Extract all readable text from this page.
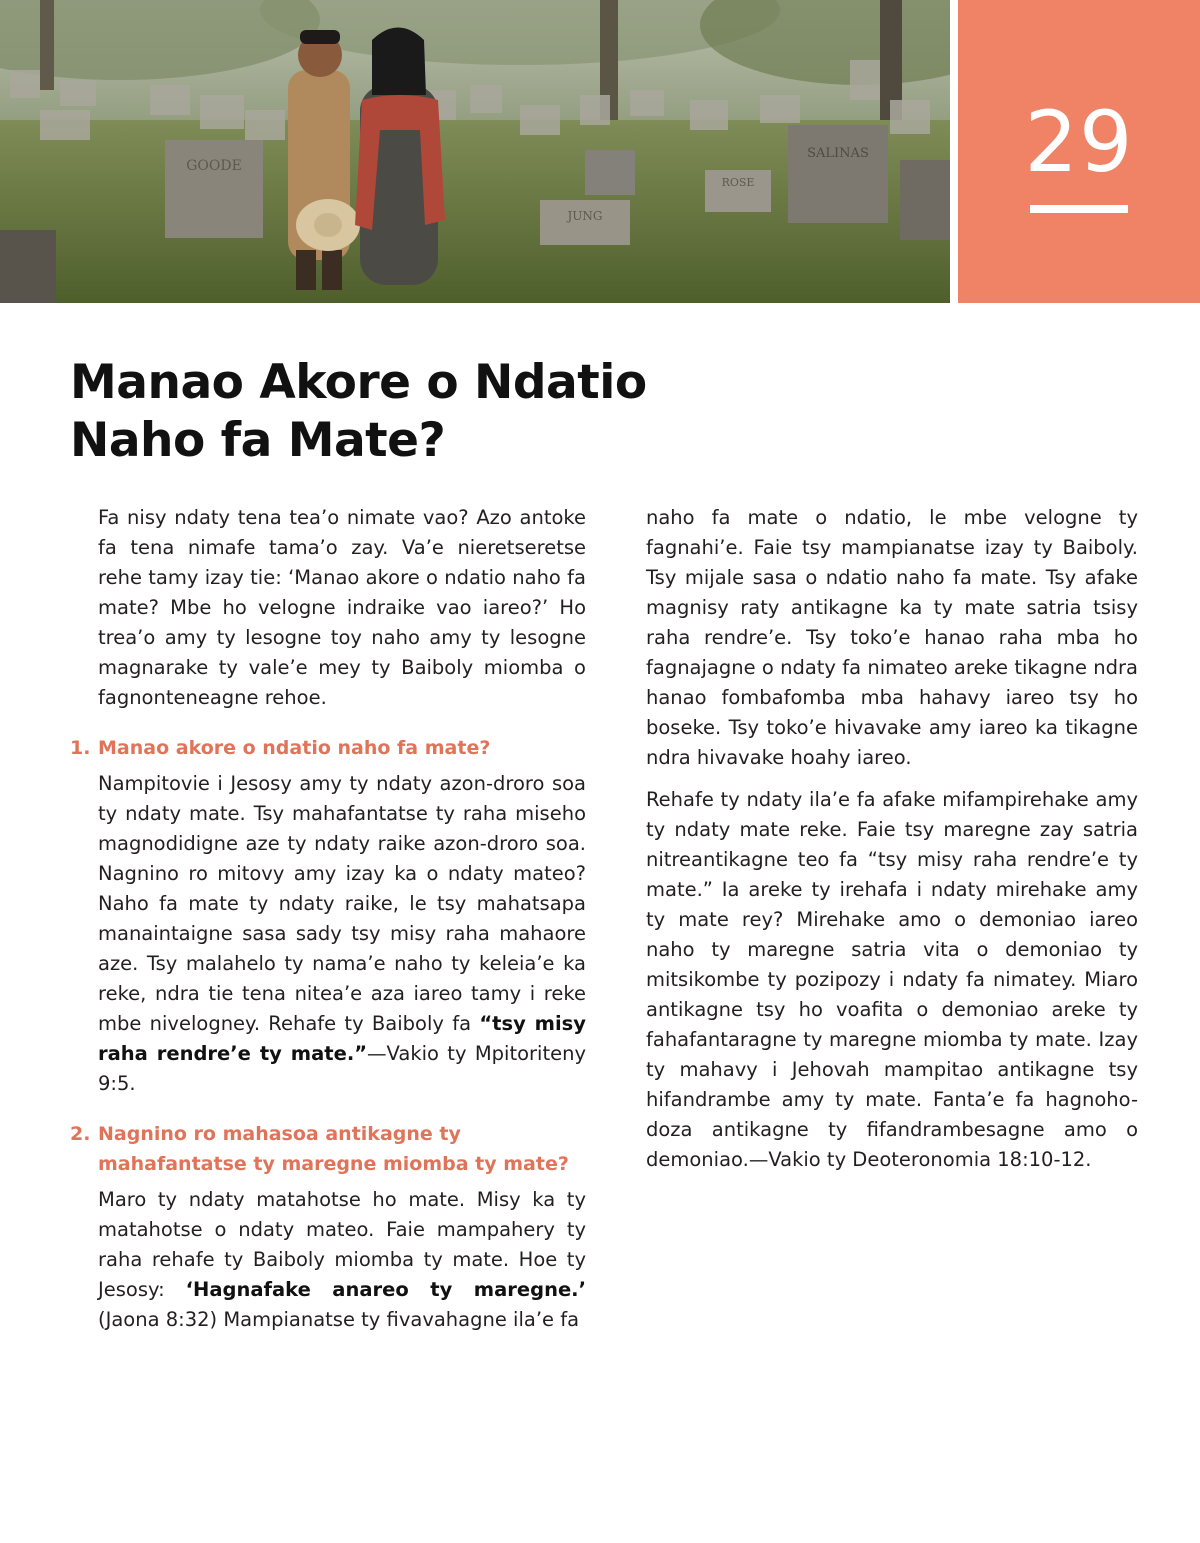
GOODE
SALINAS
JUNG
ROSE	29
Manao Akore o Ndatio Naho fa Mate?

Fa nisy ndaty tena tea’o nimate vao? Azo antoke fa tena nimafe tama’o zay. Va’e nieretseretse rehe tamy izay tie: ‘Manao akore o ndatio naho fa mate? Mbe ho velogne indraike vao iareo?’ Ho trea’o amy ty lesogne toy naho amy ty lesogne magnarake ty vale’e mey ty Baiboly miomba o fagnonteneagne rehoe.

1. Manao akore o ndatio naho fa mate?

Nampitovie i Jesosy amy ty ndaty azon-droro soa ty ndaty mate. Tsy mahafantatse ty raha miseho magnodidigne aze ty ndaty raike azon-droro soa. Nagnino ro mitovy amy izay ka o ndaty mateo? Naho fa mate ty ndaty raike, le tsy mahatsapa manaintaigne sasa sady tsy misy raha mahaore aze. Tsy malahelo ty nama’e naho ty keleia’e ka reke, ndra tie tena nitea’e aza iareo tamy i reke mbe nivelogney. Rehafe ty Baiboly fa “tsy misy raha rendre’e ty mate.”—Vakio ty Mpitoriteny 9:5.

2. Nagnino ro mahasoa antikagne ty mahafantatse ty maregne miomba ty mate?

Maro ty ndaty matahotse ho mate. Misy ka ty matahotse o ndaty mateo. Faie mampahery ty raha rehafe ty Baiboly miomba ty mate. Hoe ty Jesosy: ‘Hagnafake anareo ty maregne.’ (Jaona 8:32) Mampianatse ty fivavahagne ila’e fa

naho fa mate o ndatio, le mbe velogne ty fagnahi’e. Faie tsy mampianatse izay ty Baiboly. Tsy mijale sasa o ndatio naho fa mate. Tsy afake magnisy raty antikagne ka ty mate satria tsisy raha rendre’e. Tsy toko’e hanao raha mba ho fagnajagne o ndaty fa nimateo areke tikagne ndra hanao fombafomba mba hahavy iareo tsy ho boseke. Tsy toko’e hivavake amy iareo ka tikagne ndra hivavake hoahy iareo.

Rehafe ty ndaty ila’e fa afake mifampirehake amy ty ndaty mate reke. Faie tsy maregne zay satria nitreantikagne teo fa “tsy misy raha rendre’e ty mate.” Ia areke ty irehafa i ndaty mirehake amy ty mate rey? Mirehake amo o demoniao iareo naho ty maregne satria vita o demoniao ty mitsikombe ty pozipozy i ndaty fa nimatey. Miaro antikagne tsy ho voafita o demoniao areke ty fahafantaragne ty maregne miomba ty mate. Izay ty mahavy i Jehovah mampitao antikagne tsy hifandrambe amy ty mate. Fanta’e fa hagnoho-doza antikagne ty fifandrambesagne amo o demoniao.—Vakio ty Deoteronomia 18:10-12.
